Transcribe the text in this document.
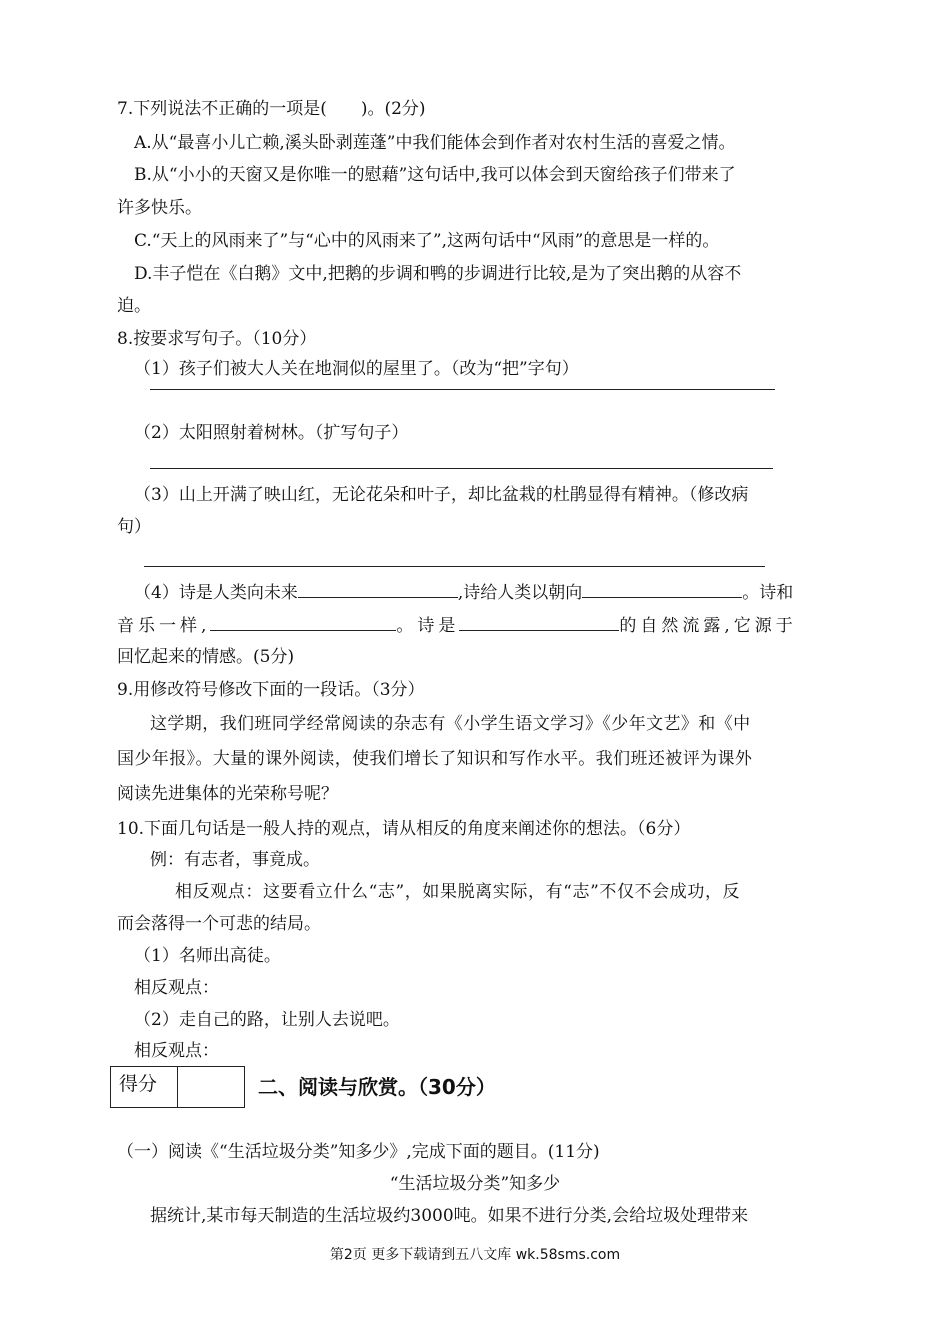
7.下列说法不正确的一项是(　　)。(2分)
A.从“最喜小儿亡赖,溪头卧剥莲蓬”中我们能体会到作者对农村生活的喜爱之情。
B.从“小小的天窗又是你唯一的慰藉”这句话中,我可以体会到天窗给孩子们带来了
许多快乐。
C.“天上的风雨来了”与“心中的风雨来了”,这两句话中“风雨”的意思是一样的。
D.丰子恺在《白鹅》文中,把鹅的步调和鸭的步调进行比较,是为了突出鹅的从容不
迫。
8.按要求写句子。（10分）
（1）孩子们被大人关在地洞似的屋里了。（改为“把”字句）
（2）太阳照射着树林。（扩写句子）
（3）山上开满了映山红，无论花朵和叶子，却比盆栽的杜鹃显得有精神。（修改病
句）
（4）诗是人类向未来	,诗给人类以朝向	。诗和
音乐一样,	。诗是	的自然流露,它源于
回忆起来的情感。(5分)
9.用修改符号修改下面的一段话。（3分）
这学期，我们班同学经常阅读的杂志有《小学生语文学习》《少年文艺》和《中
国少年报》。大量的课外阅读，使我们增长了知识和写作水平。我们班还被评为课外
阅读先进集体的光荣称号呢？
10.下面几句话是一般人持的观点，请从相反的角度来阐述你的想法。（6分）
例：有志者，事竟成。
相反观点：这要看立什么“志”，如果脱离实际，有“志”不仅不会成功，反
而会落得一个可悲的结局。
（1）名师出高徒。
相反观点：
（2）走自己的路，让别人去说吧。
相反观点：
得分	二、阅读与欣赏。（30分）
（一）阅读《“生活垃圾分类”知多少》,完成下面的题目。(11分)
“生活垃圾分类”知多少
据统计,某市每天制造的生活垃圾约3000吨。如果不进行分类,会给垃圾处理带来
第2页 更多下载请到五八文库 wk.58sms.com
